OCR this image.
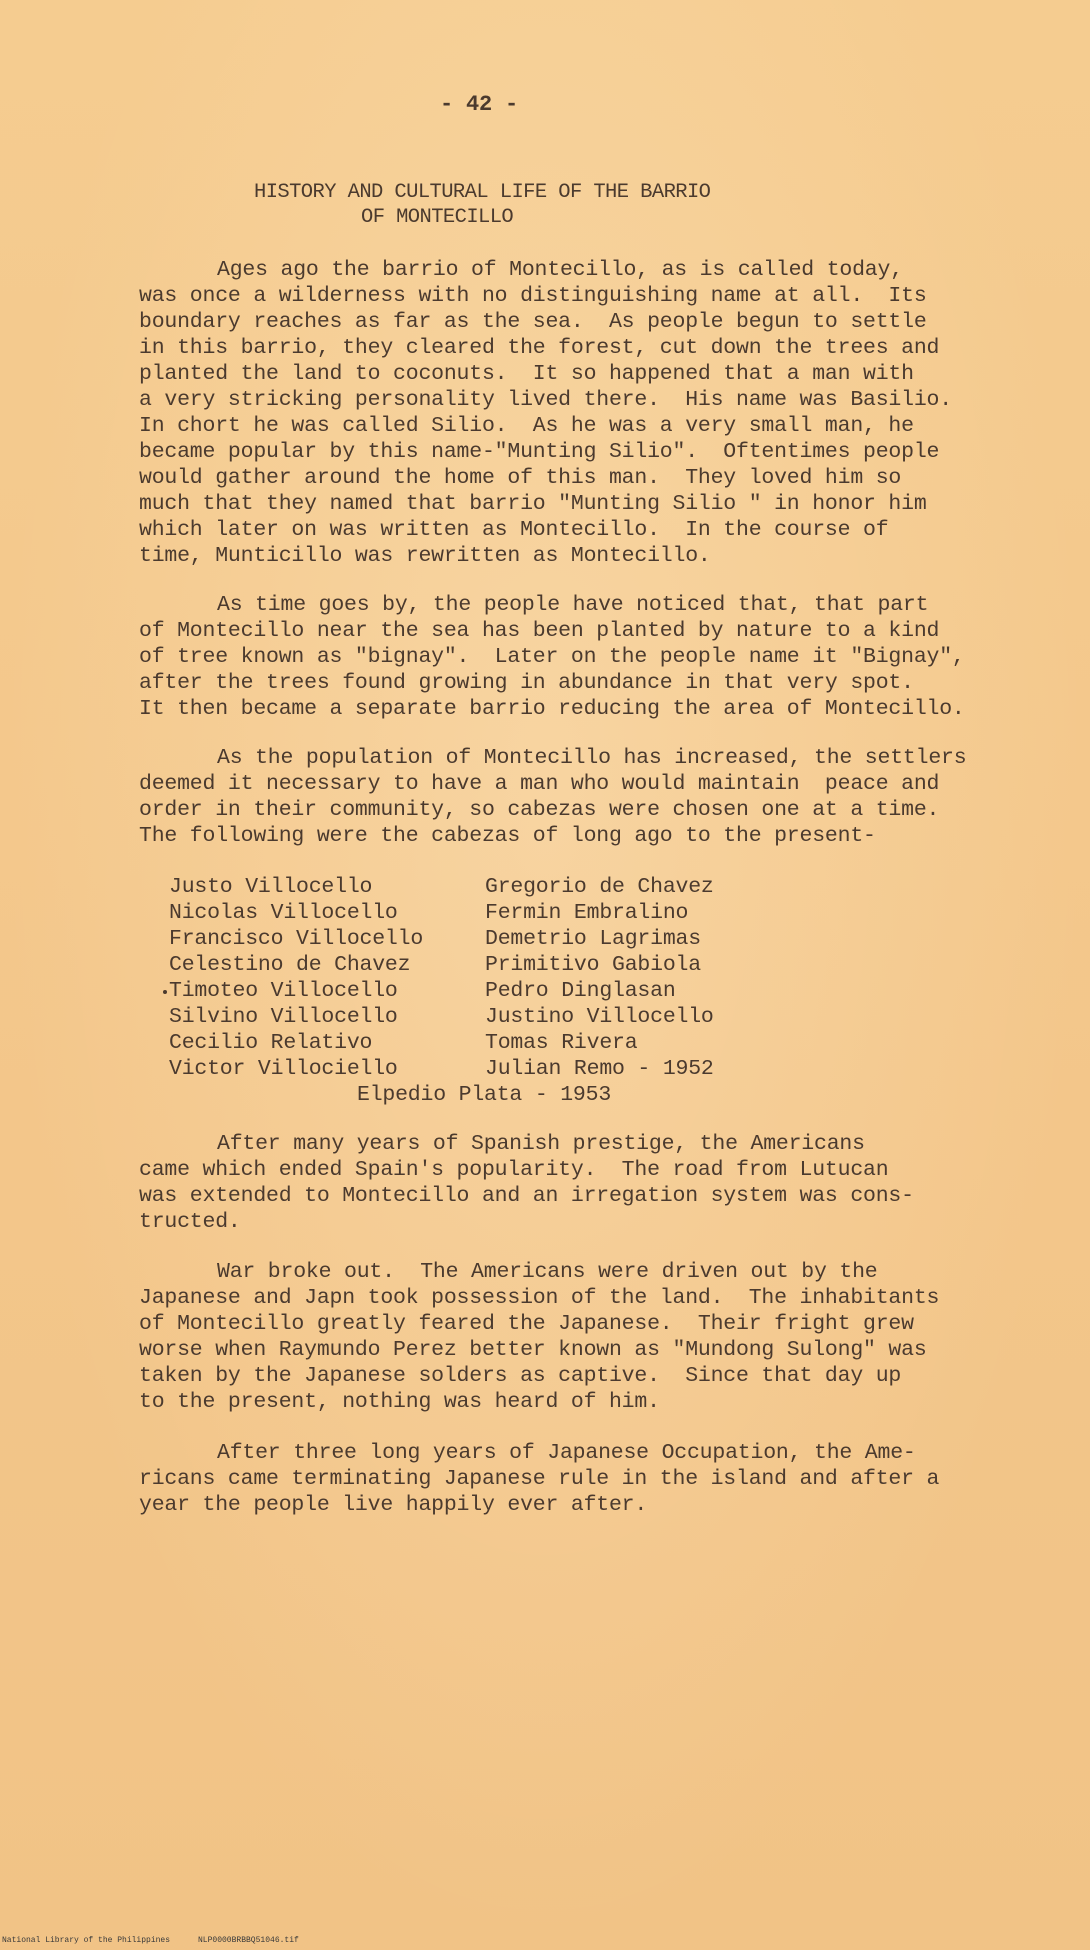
- 42 -
HISTORY AND CULTURAL LIFE OF THE BARRIO
OF MONTECILLO
Ages ago the barrio of Montecillo, as is called today,
was once a wilderness with no distinguishing name at all.  Its
boundary reaches as far as the sea.  As people begun to settle
in this barrio, they cleared the forest, cut down the trees and
planted the land to coconuts.  It so happened that a man with
a very stricking personality lived there.  His name was Basilio.
In chort he was called Silio.  As he was a very small man, he
became popular by this name-"Munting Silio".  Oftentimes people
would gather around the home of this man.  They loved him so
much that they named that barrio "Munting Silio " in honor him
which later on was written as Montecillo.  In the course of
time, Munticillo was rewritten as Montecillo.
As time goes by, the people have noticed that, that part
of Montecillo near the sea has been planted by nature to a kind
of tree known as "bignay".  Later on the people name it "Bignay",
after the trees found growing in abundance in that very spot.
It then became a separate barrio reducing the area of Montecillo.
As the population of Montecillo has increased, the settlers
deemed it necessary to have a man who would maintain  peace and
order in their community, so cabezas were chosen one at a time.
The following were the cabezas of long ago to the present-
Justo Villocello
Nicolas Villocello
Francisco Villocello
Celestino de Chavez
Timoteo Villocello
Silvino Villocello
Cecilio Relativo
Victor Villociello
Gregorio de Chavez
Fermin Embralino
Demetrio Lagrimas
Primitivo Gabiola
Pedro Dinglasan
Justino Villocello
Tomas Rivera
Julian Remo - 1952
Elpedio Plata - 1953
After many years of Spanish prestige, the Americans
came which ended Spain's popularity.  The road from Lutucan
was extended to Montecillo and an irregation system was cons-
tructed.
War broke out.  The Americans were driven out by the
Japanese and Japn took possession of the land.  The inhabitants
of Montecillo greatly feared the Japanese.  Their fright grew
worse when Raymundo Perez better known as "Mundong Sulong" was
taken by the Japanese solders as captive.  Since that day up
to the present, nothing was heard of him.
After three long years of Japanese Occupation, the Ame-
ricans came terminating Japanese rule in the island and after a
year the people live happily ever after.
National Library of the Philippines	NLP0000BRBBQ51046.tif
